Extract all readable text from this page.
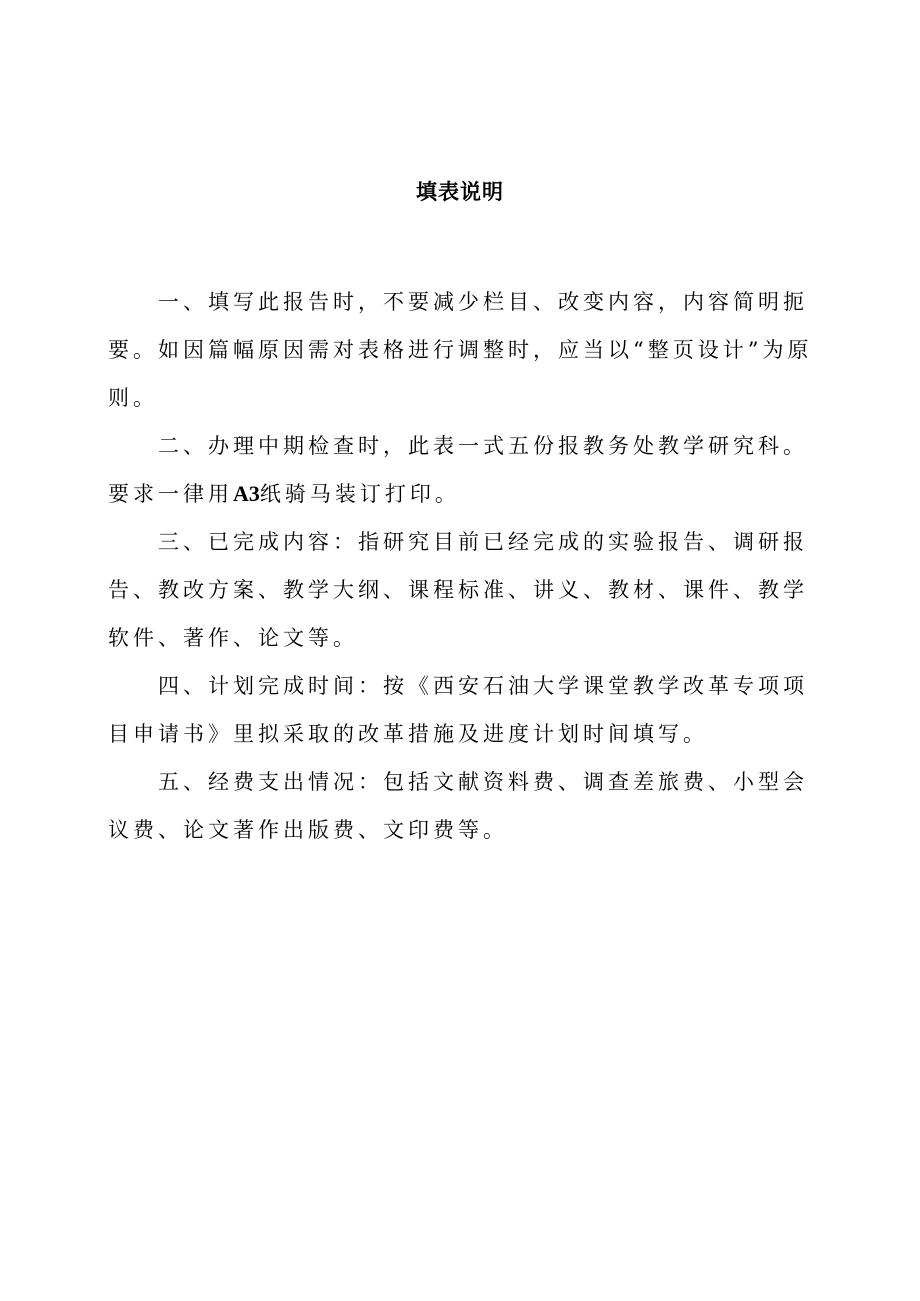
填表说明

一、填写此报告时，不要减少栏目、改变内容，内容简明扼要。如因篇幅原因需对表格进行调整时，应当以“整页设计”为原则。

二、办理中期检查时，此表一式五份报教务处教学研究科。要求一律用A3纸骑马装订打印。

三、已完成内容：指研究目前已经完成的实验报告、调研报告、教改方案、教学大纲、课程标准、讲义、教材、课件、教学软件、著作、论文等。

四、计划完成时间：按《西安石油大学课堂教学改革专项项目申请书》里拟采取的改革措施及进度计划时间填写。

五、经费支出情况：包括文献资料费、调查差旅费、小型会议费、论文著作出版费、文印费等。
